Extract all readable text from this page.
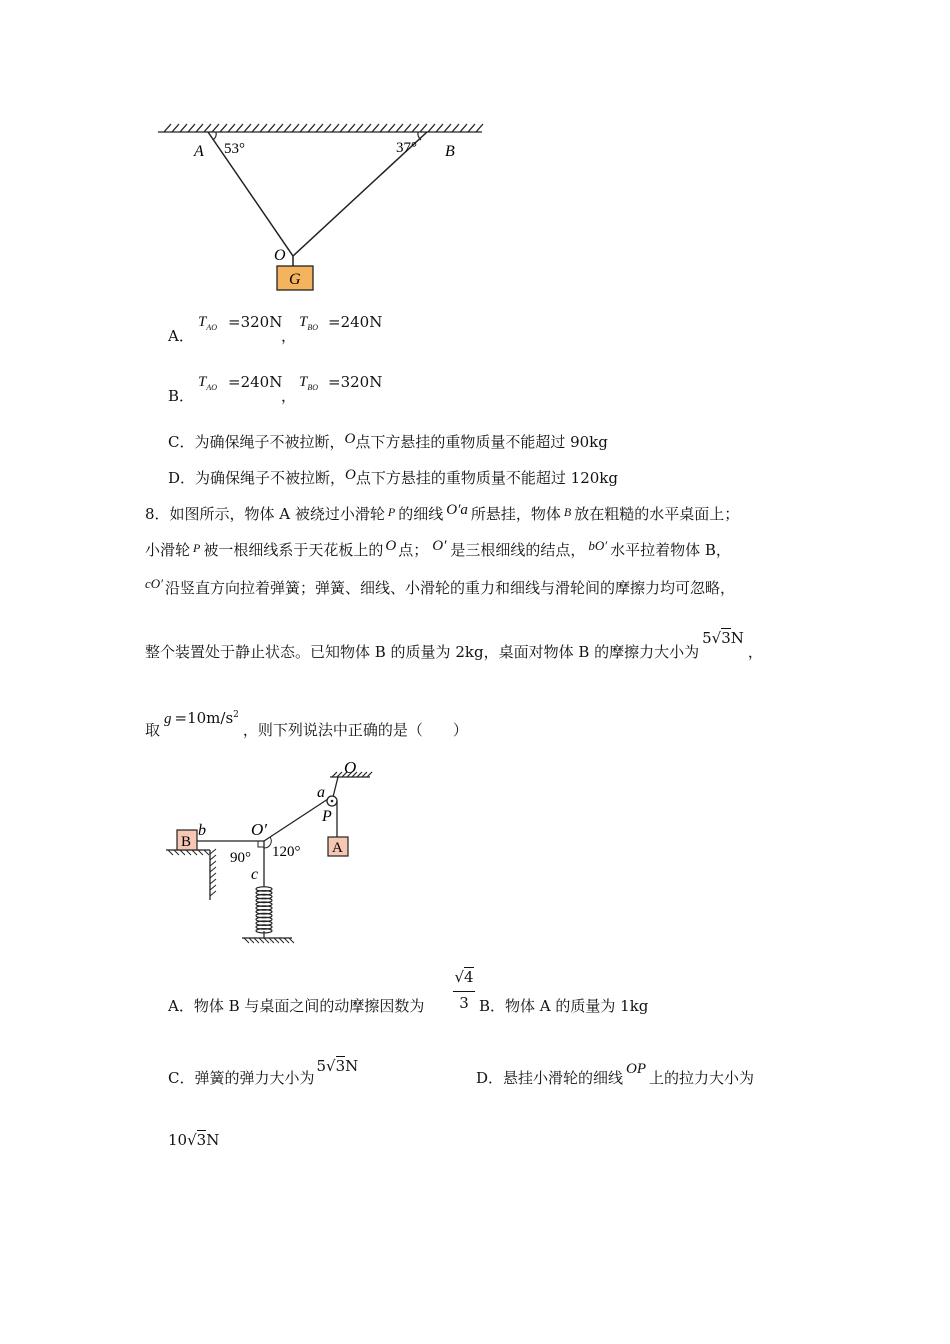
A 53°	37° B
O
G
A．
$T_{AO} =320N$
，
$T_{BO} =240N$
B．
$T_{AO} =240N$
，
$T_{BO} =320N$
C．为确保绳子不被拉断，O点下方悬挂的重物质量不能超过 90kg
D．为确保绳子不被拉断，O点下方悬挂的重物质量不能超过 120kg
8．如图所示，物体 A 被绕过小滑轮 $^P$ 的细线 O′a 所悬挂，物体 $^B$ 放在粗糙的水平桌面上；
小滑轮 $^P$ 被一根细线系于天花板上的 O 点； O′ 是三根细线的结点， bO′ 水平拉着物体 B，
cO′ 沿竖直方向拉着弹簧；弹簧、细线、小滑轮的重力和细线与滑轮间的摩擦力均可忽略，
整个装置处于静止状态。已知物体 B 的质量为 2kg，桌面对物体 B 的摩擦力大小为5√3N，
取$g =10m/s^2$，则下列说法中正确的是（　　）
O
a
P
A
B
b	O′
90° 120°
c
A．物体 B 与桌面之间的动摩擦因数为
√4
3 B．物体 A 的质量为 1kg
C．弹簧的弹力大小为5√3N
D．悬挂小滑轮的细线 OP 上的拉力大小为
10√3N
